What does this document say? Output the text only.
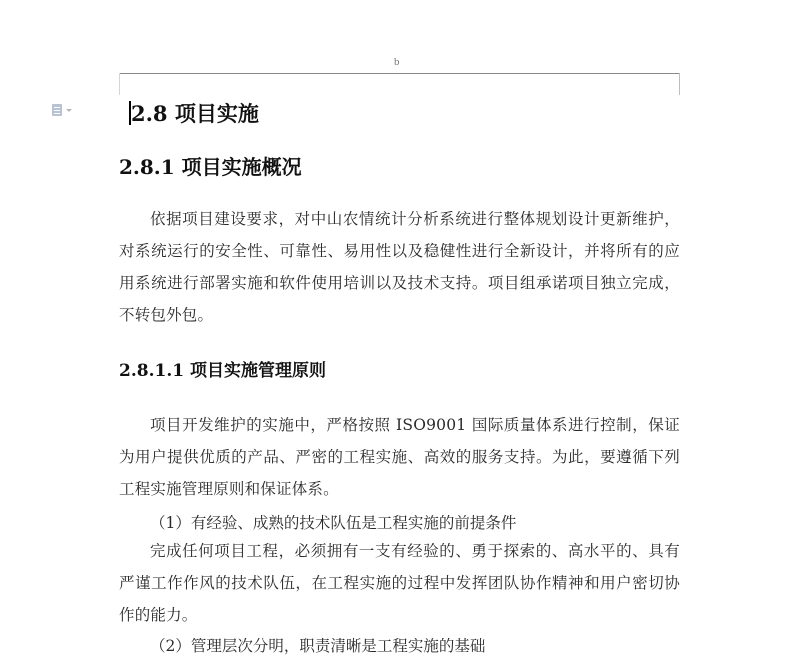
b
2.8 项目实施
2.8.1 项目实施概况
依据项目建设要求，对中山农情统计分析系统进行整体规划设计更新维护，对系统运行的安全性、可靠性、易用性以及稳健性进行全新设计，并将所有的应用系统进行部署实施和软件使用培训以及技术支持。项目组承诺项目独立完成，不转包外包。
2.8.1.1 项目实施管理原则
项目开发维护的实施中，严格按照 ISO9001 国际质量体系进行控制，保证为用户提供优质的产品、严密的工程实施、高效的服务支持。为此，要遵循下列工程实施管理原则和保证体系。
（1）有经验、成熟的技术队伍是工程实施的前提条件
完成任何项目工程，必须拥有一支有经验的、勇于探索的、高水平的、具有严谨工作作风的技术队伍，在工程实施的过程中发挥团队协作精神和用户密切协作的能力。
（2）管理层次分明，职责清晰是工程实施的基础
